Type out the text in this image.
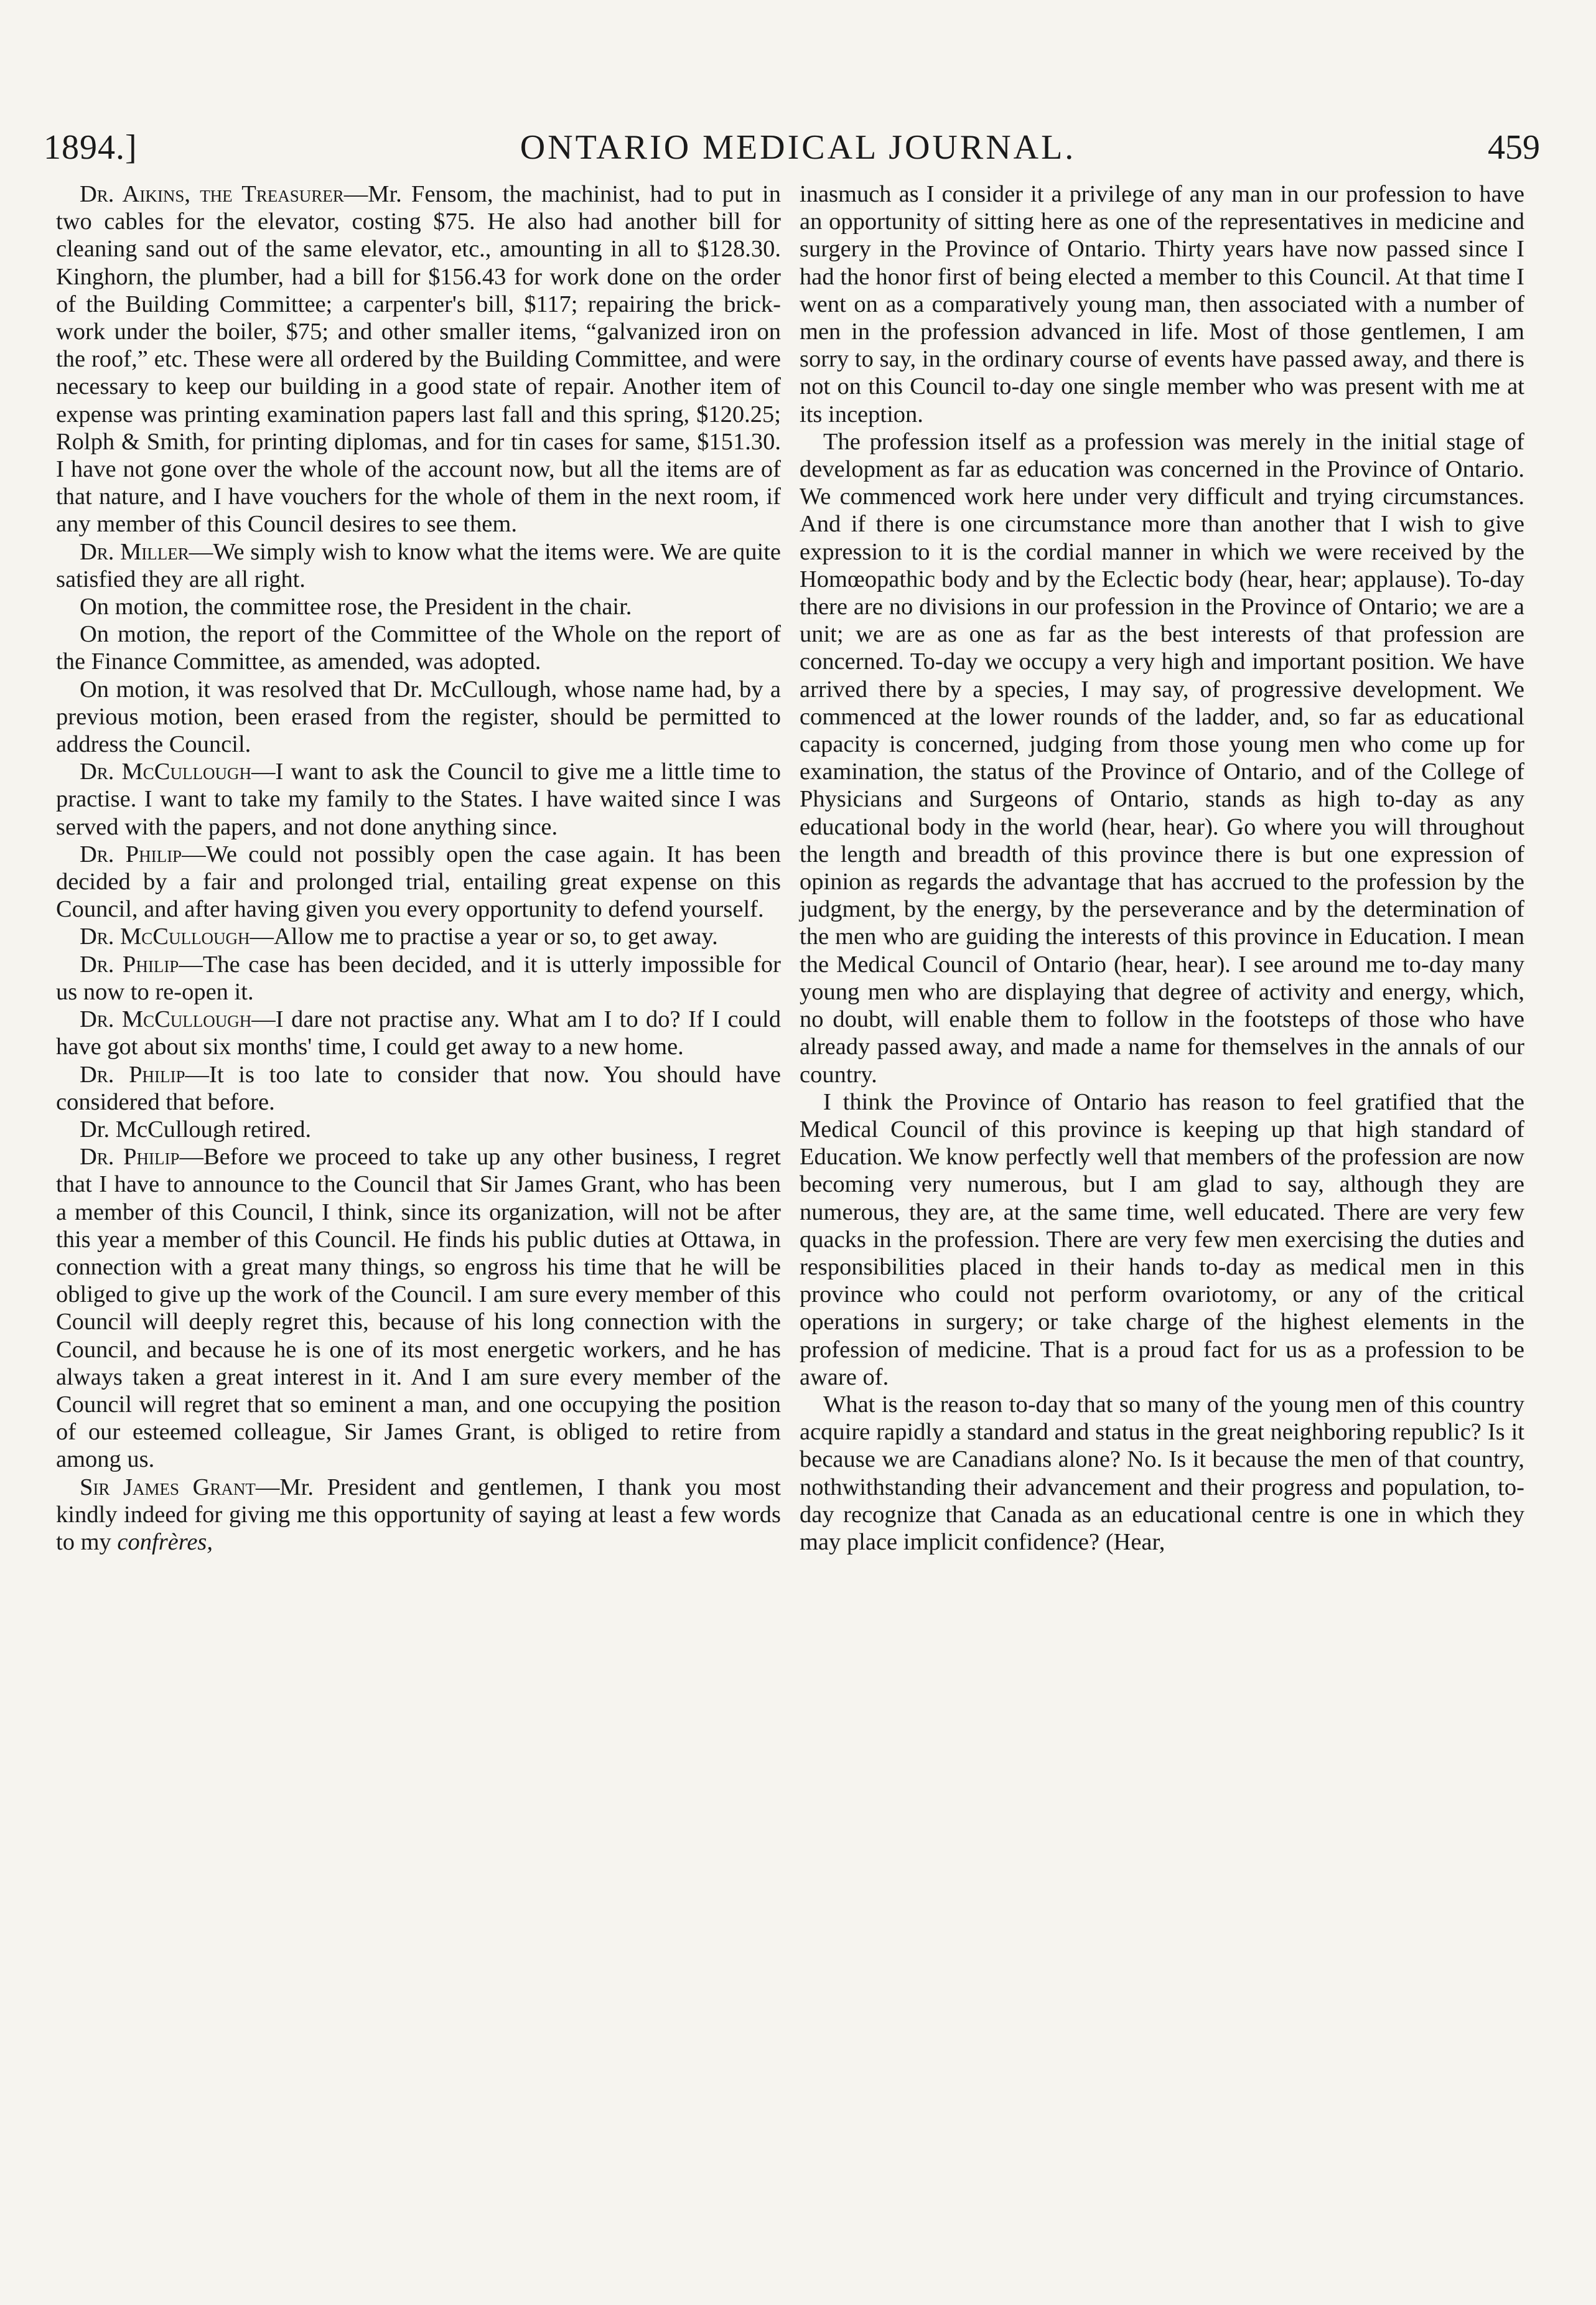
1894.]	ONTARIO MEDICAL JOURNAL.	459

Dr. Aikins, the Treasurer—Mr. Fensom, the machinist, had to put in two cables for the elevator, costing $75. He also had another bill for cleaning sand out of the same elevator, etc., amounting in all to $128.30. Kinghorn, the plumber, had a bill for $156.43 for work done on the order of the Building Committee; a carpenter's bill, $117; repairing the brick-work under the boiler, $75; and other smaller items, “galvanized iron on the roof,” etc. These were all ordered by the Building Committee, and were necessary to keep our building in a good state of repair. Another item of expense was printing examination papers last fall and this spring, $120.25; Rolph & Smith, for printing diplomas, and for tin cases for same, $151.30. I have not gone over the whole of the account now, but all the items are of that nature, and I have vouchers for the whole of them in the next room, if any member of this Council desires to see them.

Dr. Miller—We simply wish to know what the items were. We are quite satisfied they are all right.

On motion, the committee rose, the President in the chair.

On motion, the report of the Committee of the Whole on the report of the Finance Committee, as amended, was adopted.

On motion, it was resolved that Dr. McCullough, whose name had, by a previous motion, been erased from the register, should be permitted to address the Council.

Dr. McCullough—I want to ask the Council to give me a little time to practise. I want to take my family to the States. I have waited since I was served with the papers, and not done anything since.

Dr. Philip—We could not possibly open the case again. It has been decided by a fair and prolonged trial, entailing great expense on this Council, and after having given you every opportunity to defend yourself.

Dr. McCullough—Allow me to practise a year or so, to get away.

Dr. Philip—The case has been decided, and it is utterly impossible for us now to re-open it.

Dr. McCullough—I dare not practise any. What am I to do? If I could have got about six months' time, I could get away to a new home.

Dr. Philip—It is too late to consider that now. You should have considered that before.

Dr. McCullough retired.

Dr. Philip—Before we proceed to take up any other business, I regret that I have to announce to the Council that Sir James Grant, who has been a member of this Council, I think, since its organization, will not be after this year a member of this Council. He finds his public duties at Ottawa, in connection with a great many things, so engross his time that he will be obliged to give up the work of the Council. I am sure every member of this Council will deeply regret this, because of his long connection with the Council, and because he is one of its most energetic workers, and he has always taken a great interest in it. And I am sure every member of the Council will regret that so eminent a man, and one occupying the position of our esteemed colleague, Sir James Grant, is obliged to retire from among us.

Sir James Grant—Mr. President and gentlemen, I thank you most kindly indeed for giving me this opportunity of saying at least a few words to my confrères,

inasmuch as I consider it a privilege of any man in our profession to have an opportunity of sitting here as one of the representatives in medicine and surgery in the Province of Ontario. Thirty years have now passed since I had the honor first of being elected a member to this Council. At that time I went on as a comparatively young man, then associated with a number of men in the profession advanced in life. Most of those gentlemen, I am sorry to say, in the ordinary course of events have passed away, and there is not on this Council to-day one single member who was present with me at its inception.

The profession itself as a profession was merely in the initial stage of development as far as education was concerned in the Province of Ontario. We commenced work here under very difficult and trying circumstances. And if there is one circumstance more than another that I wish to give expression to it is the cordial manner in which we were received by the Homœopathic body and by the Eclectic body (hear, hear; applause). To-day there are no divisions in our profession in the Province of Ontario; we are a unit; we are as one as far as the best interests of that profession are concerned. To-day we occupy a very high and important position. We have arrived there by a species, I may say, of progressive development. We commenced at the lower rounds of the ladder, and, so far as educational capacity is concerned, judging from those young men who come up for examination, the status of the Province of Ontario, and of the College of Physicians and Surgeons of Ontario, stands as high to-day as any educational body in the world (hear, hear). Go where you will throughout the length and breadth of this province there is but one expression of opinion as regards the advantage that has accrued to the profession by the judgment, by the energy, by the perseverance and by the determination of the men who are guiding the interests of this province in Education. I mean the Medical Council of Ontario (hear, hear). I see around me to-day many young men who are displaying that degree of activity and energy, which, no doubt, will enable them to follow in the footsteps of those who have already passed away, and made a name for themselves in the annals of our country.

I think the Province of Ontario has reason to feel gratified that the Medical Council of this province is keeping up that high standard of Education. We know perfectly well that members of the profession are now becoming very numerous, but I am glad to say, although they are numerous, they are, at the same time, well educated. There are very few quacks in the profession. There are very few men exercising the duties and responsibilities placed in their hands to-day as medical men in this province who could not perform ovariotomy, or any of the critical operations in surgery; or take charge of the highest elements in the profession of medicine. That is a proud fact for us as a profession to be aware of.

What is the reason to-day that so many of the young men of this country acquire rapidly a standard and status in the great neighboring republic? Is it because we are Canadians alone? No. Is it because the men of that country, nothwithstanding their advancement and their progress and population, to-day recognize that Canada as an educational centre is one in which they may place implicit confidence? (Hear,
